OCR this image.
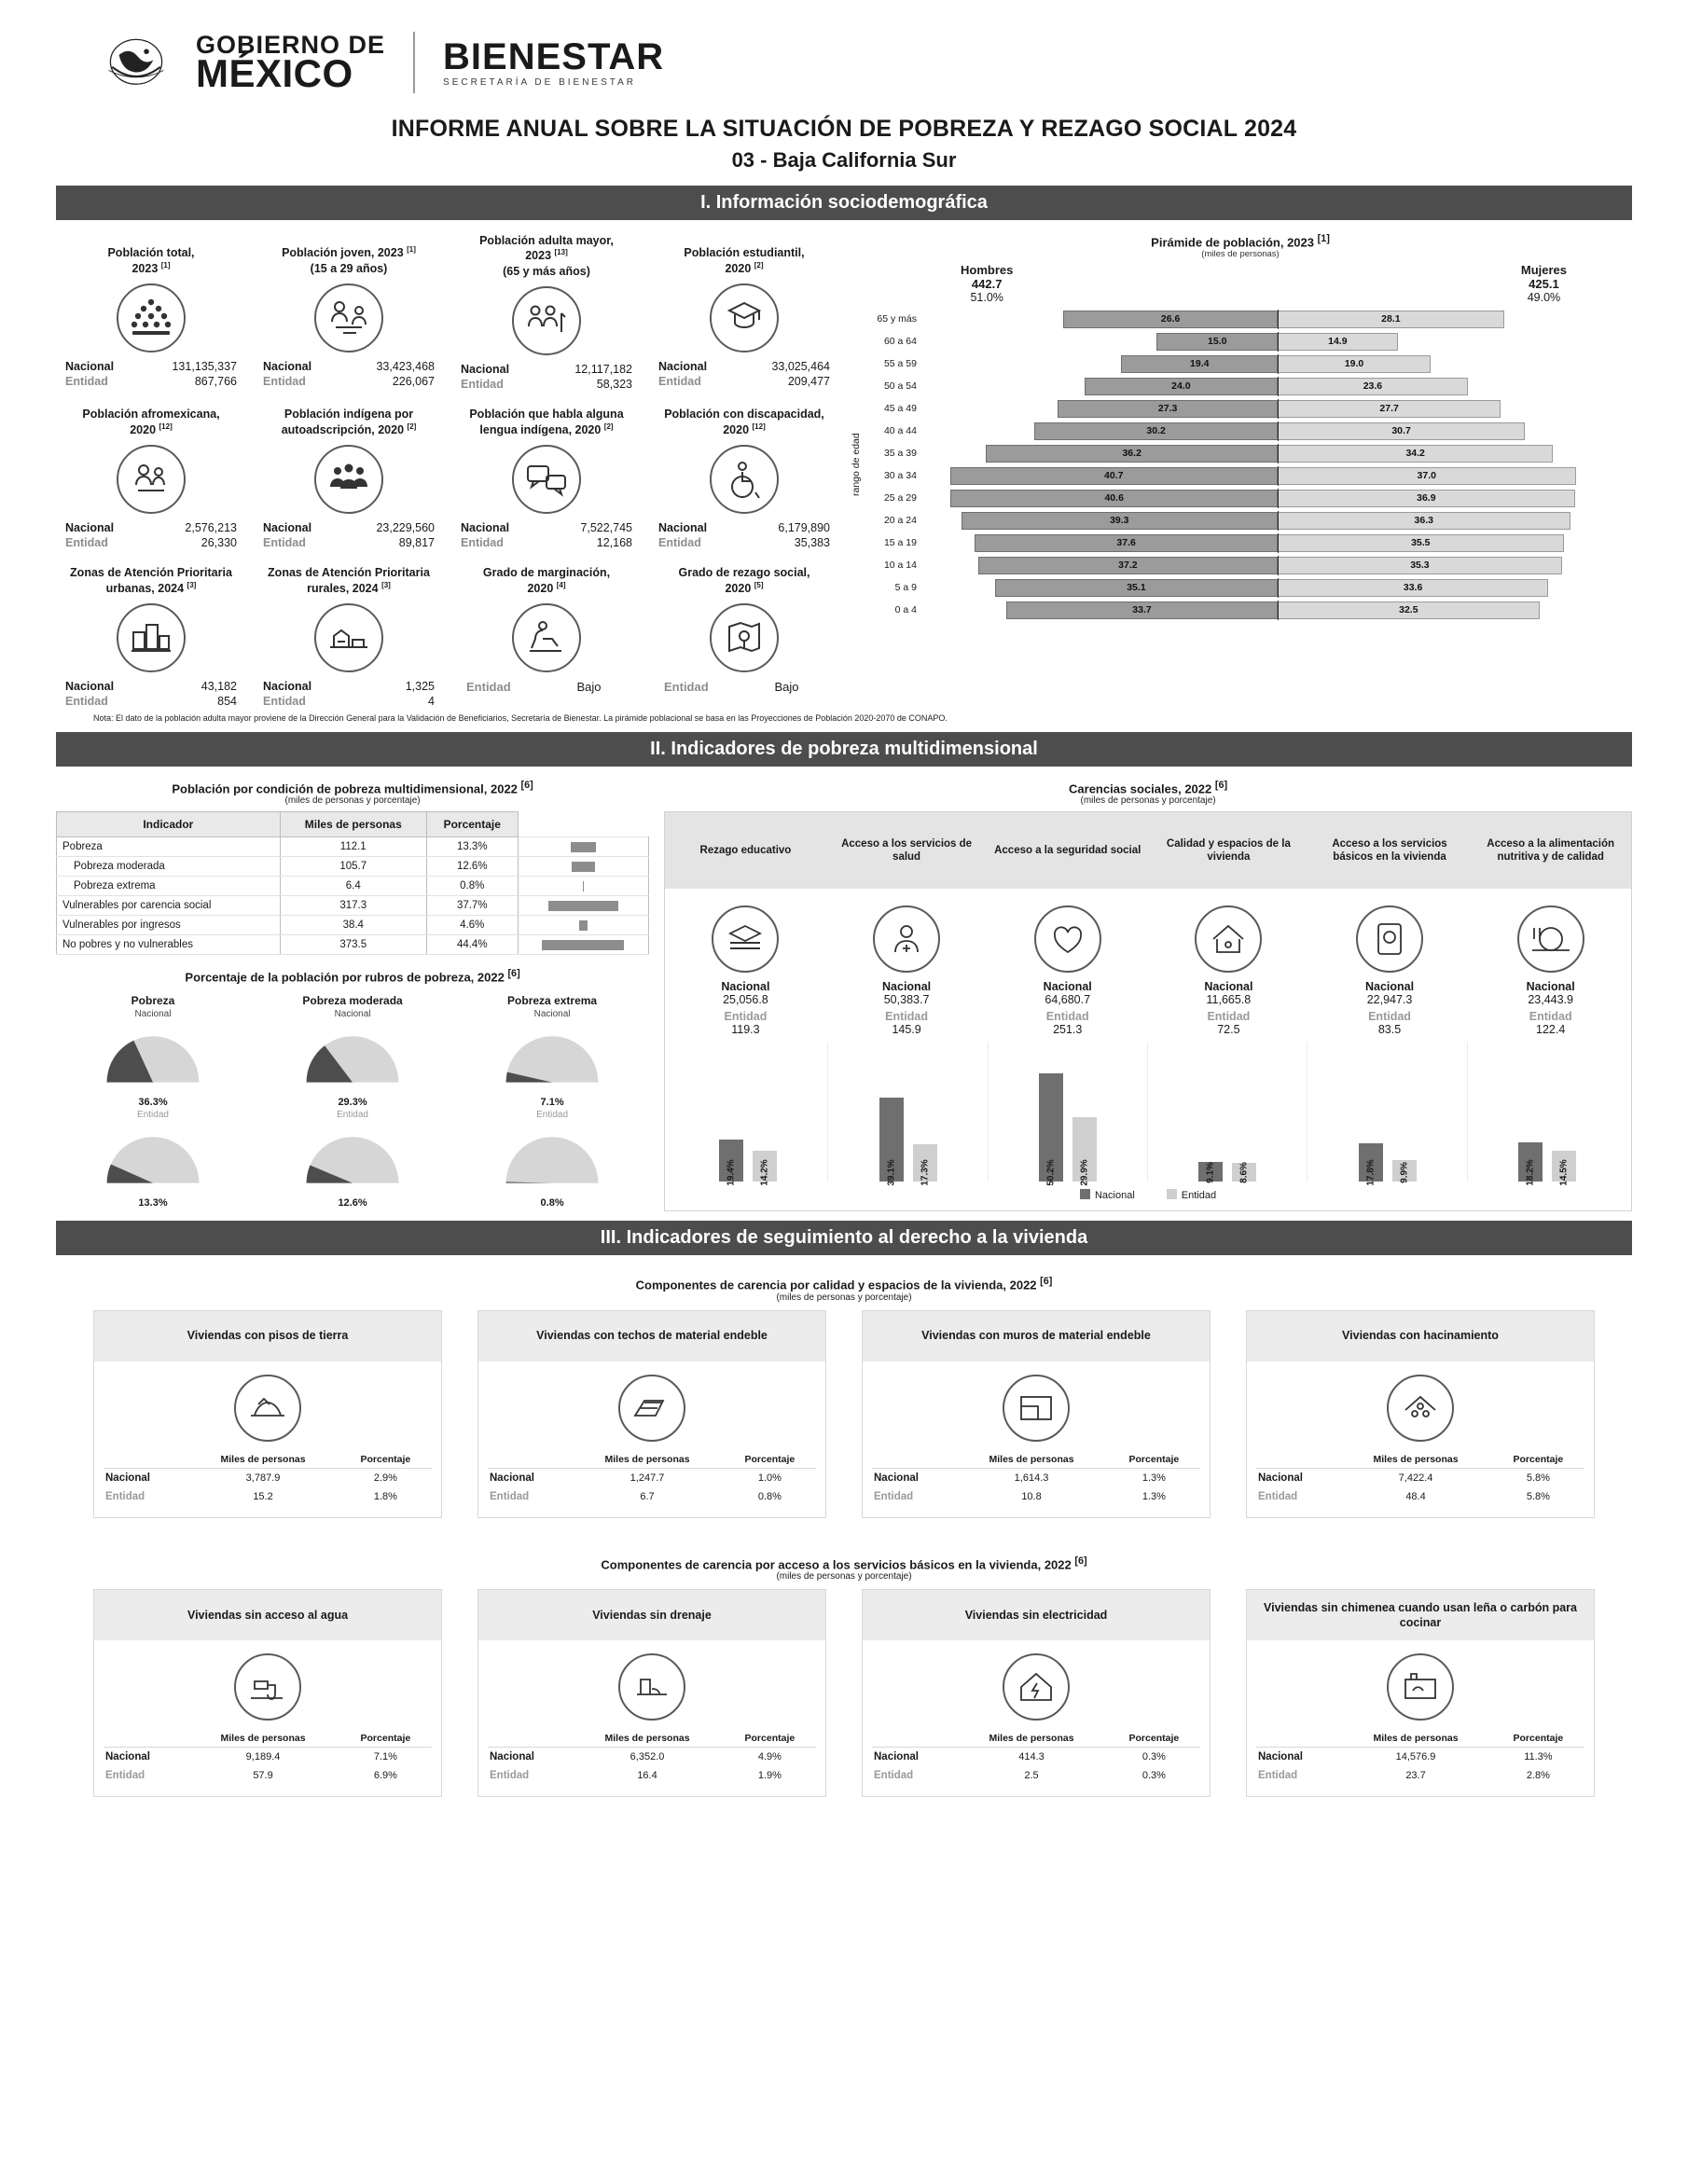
GOBIERNO DE
MÉXICO	BIENESTAR
SECRETARÍA DE BIENESTAR
INFORME ANUAL SOBRE LA SITUACIÓN DE POBREZA Y REZAGO SOCIAL 2024
03 - Baja California Sur
I. Información sociodemográfica
Población total,
2023 [1]
Nacional	131,135,337
Entidad	867,766
Población joven, 2023 [1]
(15 a 29 años)
Nacional	33,423,468
Entidad	226,067
Población adulta mayor,
2023 [13]
(65 y más años)
Nacional	12,117,182
Entidad	58,323
Población estudiantil,
2020 [2]
Nacional	33,025,464
Entidad	209,477
Población afromexicana,
2020 [12]
Nacional	2,576,213
Entidad	26,330
Población indígena por
autoadscripción, 2020 [2]
Nacional	23,229,560
Entidad	89,817
Población que habla alguna
lengua indígena, 2020 [2]
Nacional	7,522,745
Entidad	12,168
Población con discapacidad,
2020 [12]
Nacional	6,179,890
Entidad	35,383
Zonas de Atención Prioritaria
urbanas, 2024 [3]
Nacional	43,182
Entidad	854
Zonas de Atención Prioritaria
rurales, 2024 [3]
Nacional	1,325
Entidad	4
Grado de marginación,
2020 [4]
Entidad	Bajo
Grado de rezago social,
2020 [5]
Entidad	Bajo
Pirámide de población, 2023 [1]
(miles de personas)
Hombres
442.7
51.0%
Mujeres
425.1
49.0%
rango de edad
65 y más	26.6	28.1
60 a 64	15.0	14.9
55 a 59	19.4	19.0
50 a 54	24.0	23.6
45 a 49	27.3	27.7
40 a 44	30.2	30.7
35 a 39	36.2	34.2
30 a 34	40.7	37.0
25 a 29	40.6	36.9
20 a 24	39.3	36.3
15 a 19	37.6	35.5
10 a 14	37.2	35.3
5 a 9	35.1	33.6
0 a 4	33.7	32.5
Nota: El dato de la población adulta mayor proviene de la Dirección General para la Validación de Beneficiarios, Secretaría de Bienestar. La pirámide poblacional se basa en las Proyecciones de Población 2020-2070 de CONAPO.
II. Indicadores de pobreza multidimensional
Población por condición de pobreza multidimensional, 2022 [6]
(miles de personas y porcentaje)
Indicador	Miles de personas	Porcentaje	
Pobreza	112.1	13.3%	
Pobreza moderada	105.7	12.6%	
Pobreza extrema	6.4	0.8%	
Vulnerables por carencia social	317.3	37.7%	
Vulnerables por ingresos	38.4	4.6%	
No pobres y no vulnerables	373.5	44.4%	
Porcentaje de la población por rubros de pobreza, 2022 [6]
Pobreza
Nacional
36.3%
Entidad
13.3%
Pobreza moderada
Nacional
29.3%
Entidad
12.6%
Pobreza extrema
Nacional
7.1%
Entidad
0.8%
Carencias sociales, 2022 [6]
(miles de personas y porcentaje)
Rezago educativo
Acceso a los servicios de salud
Acceso a la seguridad social
Calidad y espacios de la vivienda
Acceso a los servicios básicos en la vivienda
Acceso a la alimentación nutritiva y de calidad
Nacional
25,056.8
Entidad
119.3
Nacional
50,383.7
Entidad
145.9
Nacional
64,680.7
Entidad
251.3
Nacional
11,665.8
Entidad
72.5
Nacional
22,947.3
Entidad
83.5
Nacional
23,443.9
Entidad
122.4
19.4%	14.2%	39.1%	17.3%	50.2%	29.9%	9.1%	8.6%	17.8%	9.9%	18.2%	14.5%
Nacional	Entidad
III. Indicadores de seguimiento al derecho a la vivienda
Componentes de carencia por calidad y espacios de la vivienda, 2022 [6]
(miles de personas y porcentaje)
Viviendas con pisos de tierra
	Miles de personas	Porcentaje
Nacional	3,787.9	2.9%
Entidad	15.2	1.8%
Viviendas con techos de material endeble
	Miles de personas	Porcentaje
Nacional	1,247.7	1.0%
Entidad	6.7	0.8%
Viviendas con muros de material endeble
	Miles de personas	Porcentaje
Nacional	1,614.3	1.3%
Entidad	10.8	1.3%
Viviendas con hacinamiento
	Miles de personas	Porcentaje
Nacional	7,422.4	5.8%
Entidad	48.4	5.8%
Componentes de carencia por acceso a los servicios básicos en la vivienda, 2022 [6]
(miles de personas y porcentaje)
Viviendas sin acceso al agua
	Miles de personas	Porcentaje
Nacional	9,189.4	7.1%
Entidad	57.9	6.9%
Viviendas sin drenaje
	Miles de personas	Porcentaje
Nacional	6,352.0	4.9%
Entidad	16.4	1.9%
Viviendas sin electricidad
	Miles de personas	Porcentaje
Nacional	414.3	0.3%
Entidad	2.5	0.3%
Viviendas sin chimenea cuando usan leña o carbón para cocinar
	Miles de personas	Porcentaje
Nacional	14,576.9	11.3%
Entidad	23.7	2.8%
